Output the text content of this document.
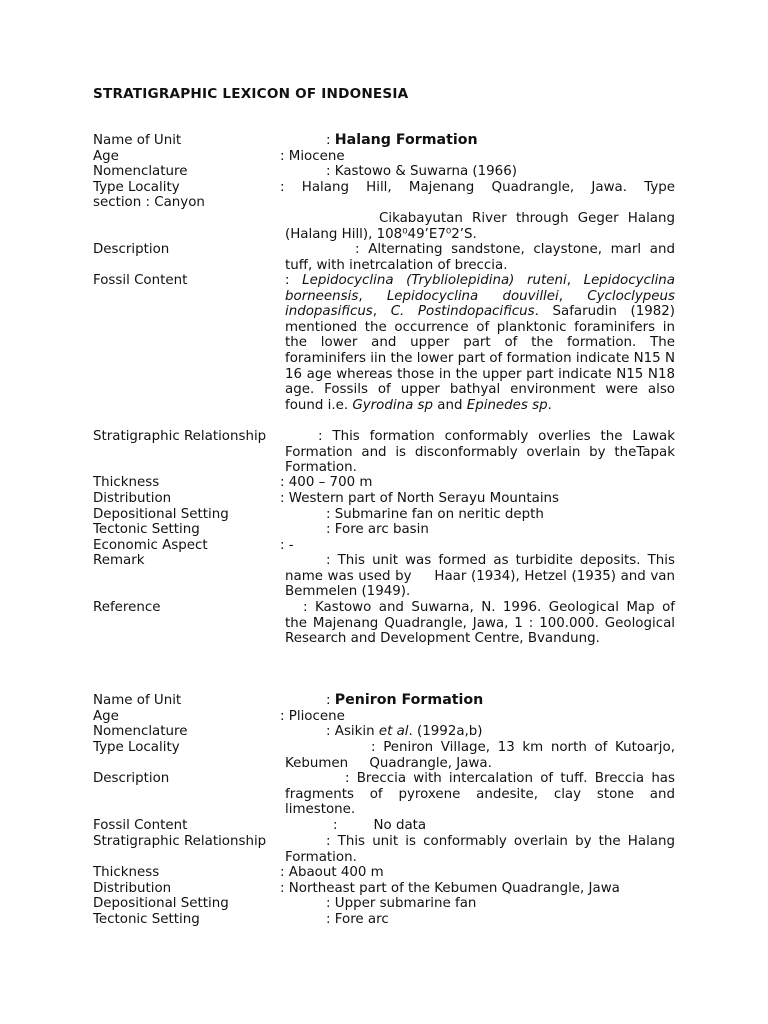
STRATIGRAPHIC LEXICON OF INDONESIA
Name of Unit	: Halang Formation
Age	: Miocene
Nomenclature	: Kastowo & Suwarna (1966)
Type Locality	: Halang Hill, Majenang Quadrangle, Jawa. Type
section : Canyon
Cikabayutan River through Geger Halang (Halang Hill), 108⁰49’E7⁰2’S.
Description	: Alternating sandstone, claystone, marl and tuff, with inetrcalation of breccia.
Fossil Content	: Lepidocyclina (Trybliolepidina) ruteni, Lepidocyclina borneensis, Lepidocyclina douvillei, Cycloclypeus indopasificus, C. Postindopacificus. Safarudin (1982) mentioned the occurrence of planktonic foraminifers in the lower and upper part of the formation. The foraminifers iin the lower part of formation indicate N15 N 16 age whereas those in the upper part indicate N15 N18 age. Fossils of upper bathyal environment were also found i.e. Gyrodina sp and Epinedes sp.
Stratigraphic Relationship	: This formation conformably overlies the Lawak Formation and is disconformably overlain by theTapak Formation.
Thickness	: 400 – 700 m
Distribution	: Western part of North Serayu Mountains
Depositional Setting	: Submarine fan on neritic depth
Tectonic Setting	: Fore arc basin
Economic Aspect	: -
Remark	: This unit was formed as turbidite deposits. This name was used by     Haar (1934), Hetzel (1935) and van Bemmelen (1949).
Reference	: Kastowo and Suwarna, N. 1996. Geological Map of the Majenang Quadrangle, Jawa, 1 : 100.000. Geological Research and Development Centre, Bvandung.
Name of Unit	: Peniron Formation
Age	: Pliocene
Nomenclature	: Asikin et al. (1992a,b)
Type Locality	: Peniron Village, 13 km north of Kutoarjo, Kebumen     Quadrangle, Jawa.
Description	: Breccia with intercalation of tuff. Breccia has fragments of pyroxene andesite, clay stone and limestone.
Fossil Content	:	No data
Stratigraphic Relationship	: This unit is conformably overlain by the Halang Formation.
Thickness	: Abaout 400 m
Distribution	: Northeast part of the Kebumen Quadrangle, Jawa
Depositional Setting	: Upper submarine fan
Tectonic Setting	: Fore arc
